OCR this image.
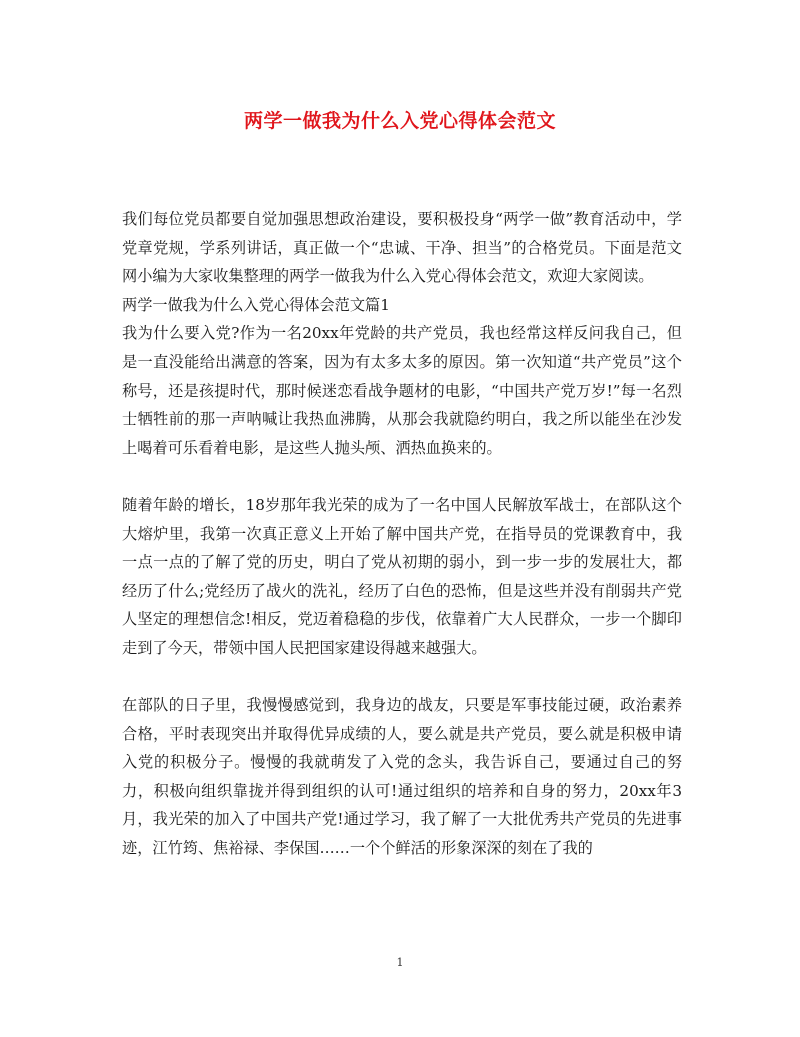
两学一做我为什么入党心得体会范文

我们每位党员都要自觉加强思想政治建设，要积极投身“两学一做”教育活动中，学党章党规，学系列讲话，真正做一个“忠诚、干净、担当”的合格党员。下面是范文网小编为大家收集整理的两学一做我为什么入党心得体会范文，欢迎大家阅读。

两学一做我为什么入党心得体会范文篇1

我为什么要入党?作为一名20xx年党龄的共产党员，我也经常这样反问我自己，但是一直没能给出满意的答案，因为有太多太多的原因。第一次知道“共产党员”这个称号，还是孩提时代，那时候迷恋看战争题材的电影，“中国共产党万岁!”每一名烈士牺牲前的那一声呐喊让我热血沸腾，从那会我就隐约明白，我之所以能坐在沙发上喝着可乐看着电影，是这些人抛头颅、洒热血换来的。

随着年龄的增长，18岁那年我光荣的成为了一名中国人民解放军战士，在部队这个大熔炉里，我第一次真正意义上开始了解中国共产党，在指导员的党课教育中，我一点一点的了解了党的历史，明白了党从初期的弱小，到一步一步的发展壮大，都经历了什么;党经历了战火的洗礼，经历了白色的恐怖，但是这些并没有削弱共产党人坚定的理想信念!相反，党迈着稳稳的步伐，依靠着广大人民群众，一步一个脚印走到了今天，带领中国人民把国家建设得越来越强大。

在部队的日子里，我慢慢感觉到，我身边的战友，只要是军事技能过硬，政治素养合格，平时表现突出并取得优异成绩的人，要么就是共产党员，要么就是积极申请入党的积极分子。慢慢的我就萌发了入党的念头，我告诉自己，要通过自己的努力，积极向组织靠拢并得到组织的认可!通过组织的培养和自身的努力，20xx年3月，我光荣的加入了中国共产党!通过学习，我了解了一大批优秀共产党员的先进事迹，江竹筠、焦裕禄、李保国……一个个鲜活的形象深深的刻在了我的

1
